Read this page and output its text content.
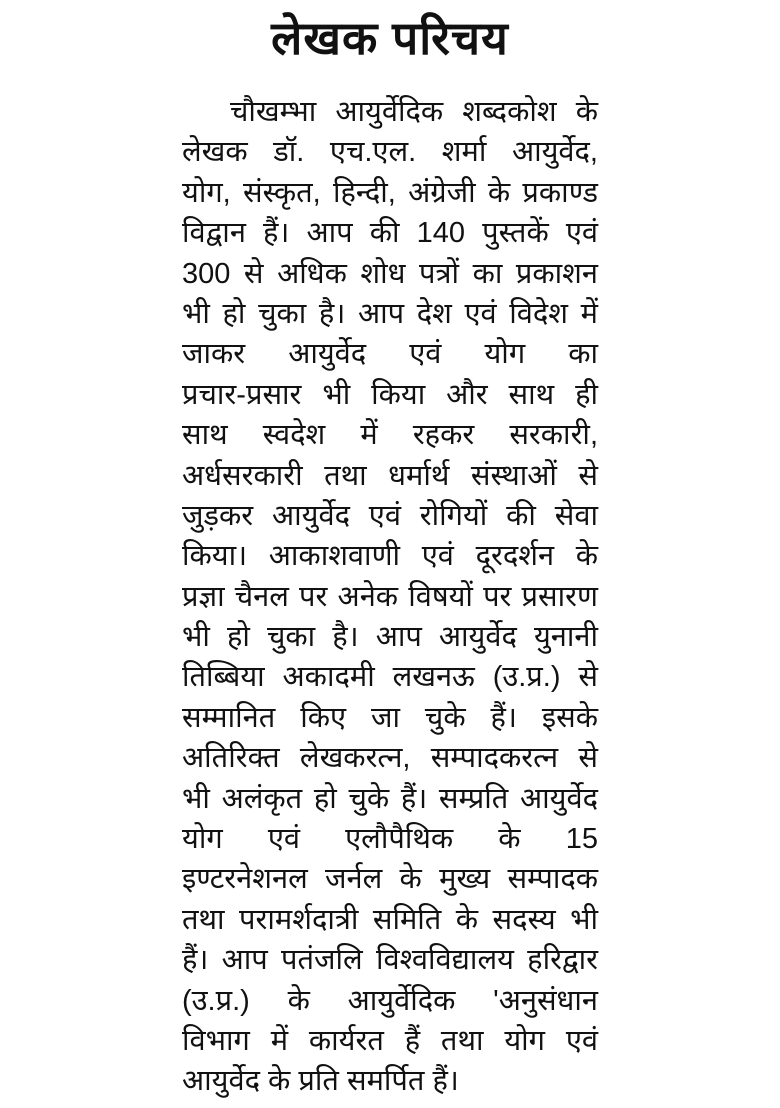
लेखक परिचय
चौखम्भा आयुर्वेदिक शब्दकोश के
लेखक डॉ. एच.एल. शर्मा आयुर्वेद,
योग, संस्कृत, हिन्दी, अंग्रेजी के प्रकाण्ड
विद्वान हैं। आप की 140 पुस्तकें एवं
300 से अधिक शोध पत्रों का प्रकाशन
भी हो चुका है। आप देश एवं विदेश में
जाकर आयुर्वेद एवं योग का
प्रचार-प्रसार भी किया और साथ ही
साथ स्वदेश में रहकर सरकारी,
अर्धसरकारी तथा धर्मार्थ संस्थाओं से
जुड़कर आयुर्वेद एवं रोगियों की सेवा
किया। आकाशवाणी एवं दूरदर्शन के
प्रज्ञा चैनल पर अनेक विषयों पर प्रसारण
भी हो चुका है। आप आयुर्वेद युनानी
तिब्बिया अकादमी लखनऊ (उ.प्र.) से
सम्मानित किए जा चुके हैं। इसके
अतिरिक्त लेखकरत्न, सम्पादकरत्न से
भी अलंकृत हो चुके हैं। सम्प्रति आयुर्वेद
योग एवं एलौपैथिक के 15
इण्टरनेशनल जर्नल के मुख्य सम्पादक
तथा परामर्शदात्री समिति के सदस्य भी
हैं। आप पतंजलि विश्वविद्यालय हरिद्वार
(उ.प्र.) के आयुर्वेदिक 'अनुसंधान
विभाग में कार्यरत हैं तथा योग एवं
आयुर्वेद के प्रति समर्पित हैं।
